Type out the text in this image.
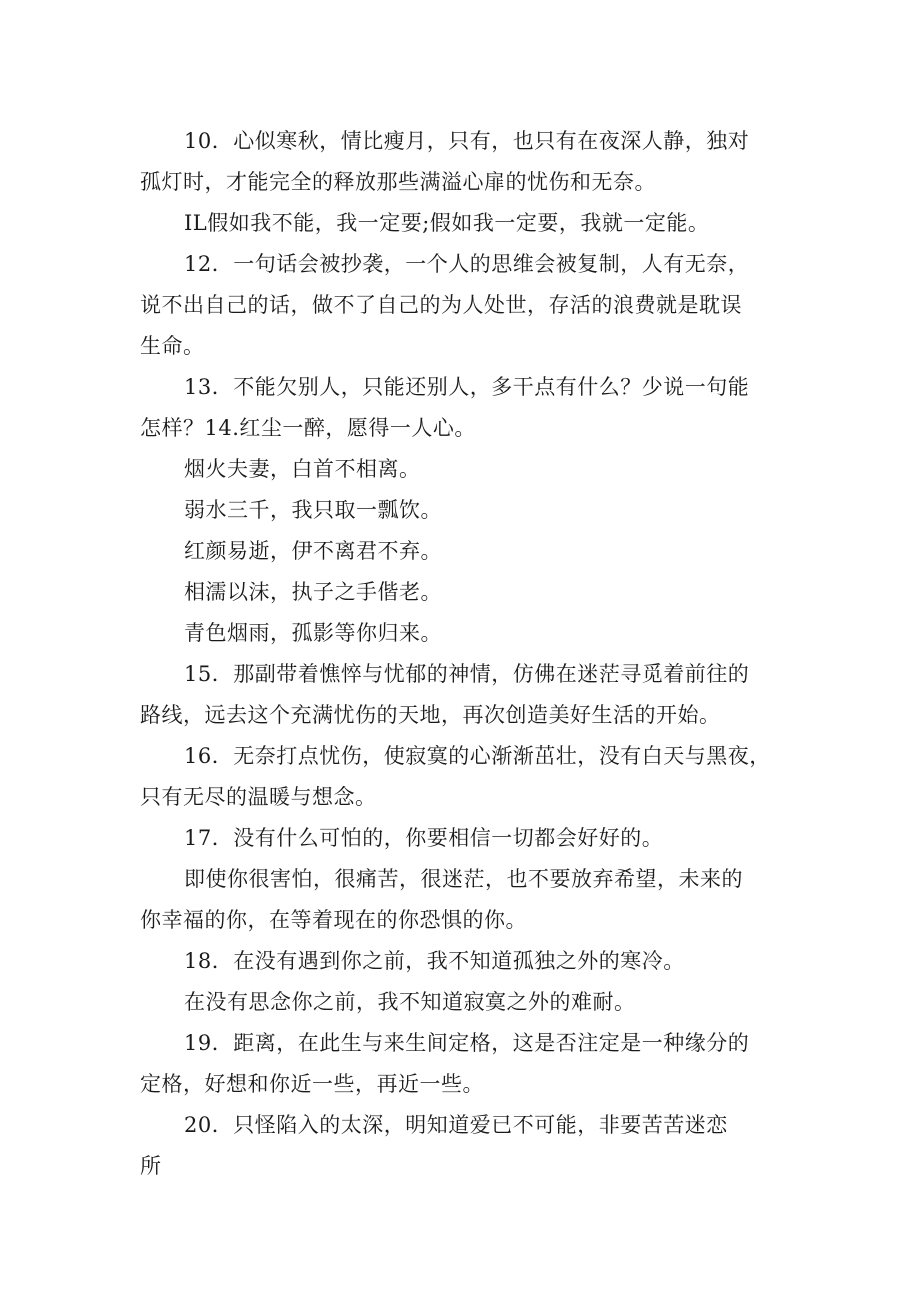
10．心似寒秋，情比瘦月，只有，也只有在夜深人静，独对

孤灯时，才能完全的释放那些满溢心扉的忧伤和无奈。

IL假如我不能，我一定要;假如我一定要，我就一定能。

12．一句话会被抄袭，一个人的思维会被复制，人有无奈，

说不出自己的话，做不了自己的为人处世，存活的浪费就是耽误

生命。

13．不能欠别人，只能还别人，多干点有什么？少说一句能

怎样？14.红尘一醉，愿得一人心。

烟火夫妻，白首不相离。

弱水三千，我只取一瓢饮。

红颜易逝，伊不离君不弃。

相濡以沫，执子之手偕老。

青色烟雨，孤影等你归来。

15．那副带着憔悴与忧郁的神情，仿佛在迷茫寻觅着前往的

路线，远去这个充满忧伤的天地，再次创造美好生活的开始。

16．无奈打点忧伤，使寂寞的心渐渐茁壮，没有白天与黑夜，

只有无尽的温暖与想念。

17．没有什么可怕的，你要相信一切都会好好的。

即使你很害怕，很痛苦，很迷茫，也不要放弃希望，未来的

你幸福的你，在等着现在的你恐惧的你。

18．在没有遇到你之前，我不知道孤独之外的寒冷。

在没有思念你之前，我不知道寂寞之外的难耐。

19．距离，在此生与来生间定格，这是否注定是一种缘分的

定格，好想和你近一些，再近一些。

20．只怪陷入的太深，明知道爱已不可能，非要苦苦迷恋

所
